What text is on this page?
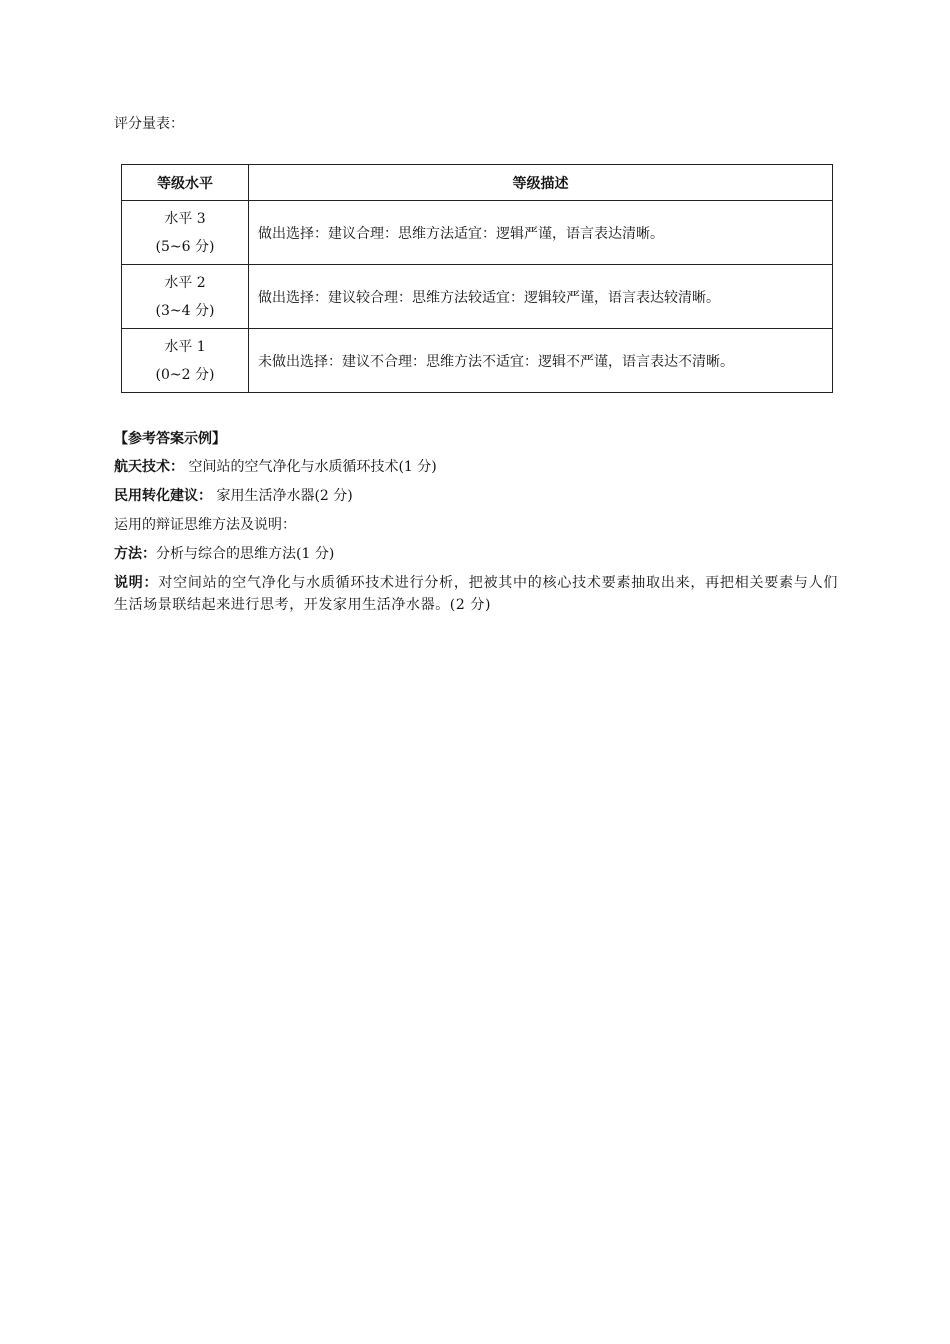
评分量表：
等级水平	等级描述

水平 3
(5~6 分)	做出选择：建议合理：思维方法适宜：逻辑严谨，语言表达清晰。

水平 2
(3~4 分)	做出选择：建议较合理：思维方法较适宜：逻辑较严谨，语言表达较清晰。

水平 1
(0~2 分)	未做出选择：建议不合理：思维方法不适宜：逻辑不严谨，语言表达不清晰。
【参考答案示例】
航天技术： 空间站的空气净化与水质循环技术(1 分)
民用转化建议： 家用生活净水器(2 分)
运用的辩证思维方法及说明：
方法：分析与综合的思维方法(1 分)
说明：对空间站的空气净化与水质循环技术进行分析，把被其中的核心技术要素抽取出来，再把相关要素与人们生活场景联结起来进行思考，开发家用生活净水器。(2 分)
